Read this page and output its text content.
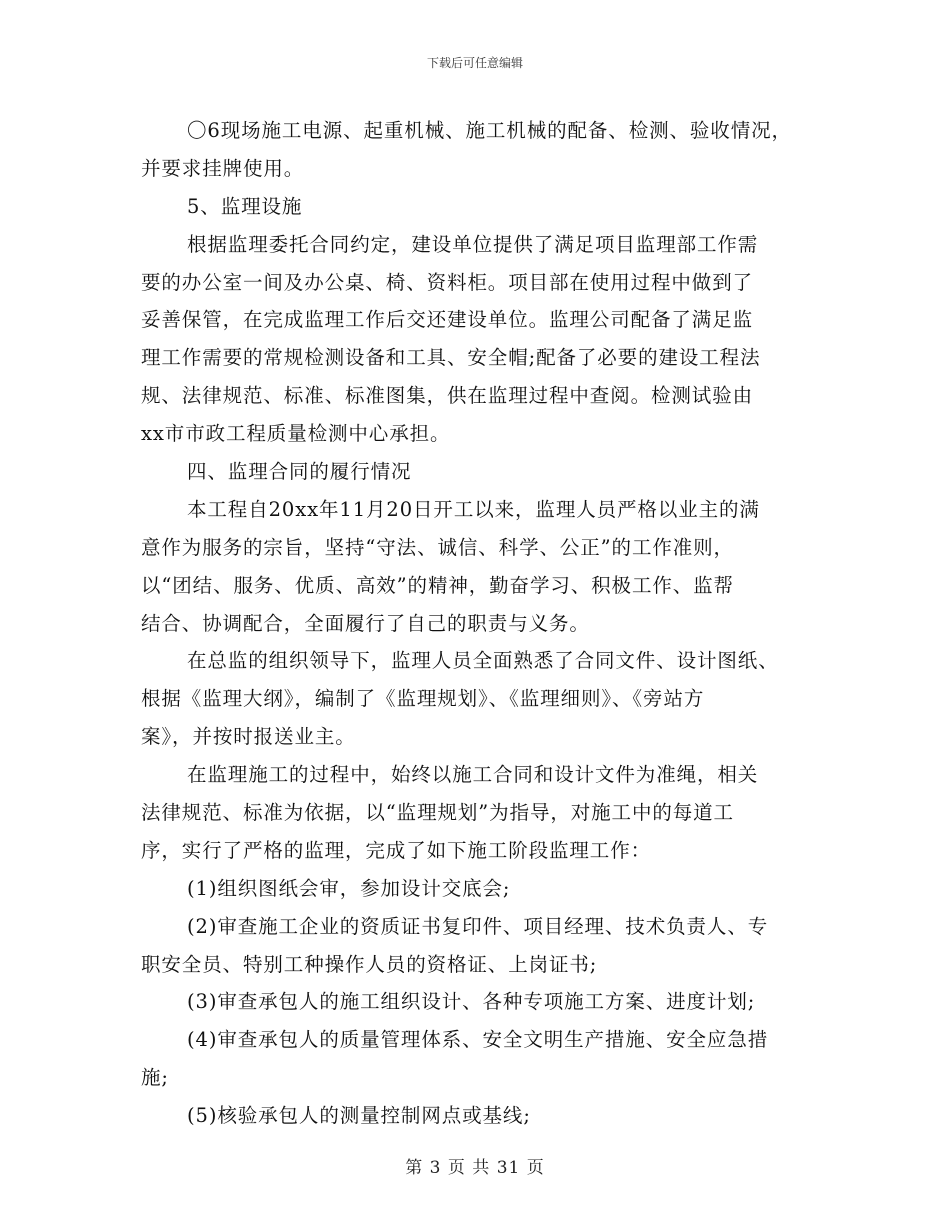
下载后可任意编辑
〇6现场施工电源、起重机械、施工机械的配备、检测、验收情况，
并要求挂牌使用。
5、监理设施
根据监理委托合同约定，建设单位提供了满足项目监理部工作需
要的办公室一间及办公桌、椅、资料柜。项目部在使用过程中做到了
妥善保管，在完成监理工作后交还建设单位。监理公司配备了满足监
理工作需要的常规检测设备和工具、安全帽;配备了必要的建设工程法
规、法律规范、标准、标准图集，供在监理过程中查阅。检测试验由
xx市市政工程质量检测中心承担。
四、监理合同的履行情况
本工程自20xx年11月20日开工以来，监理人员严格以业主的满
意作为服务的宗旨，坚持“守法、诚信、科学、公正”的工作准则，
以“团结、服务、优质、高效”的精神，勤奋学习、积极工作、监帮
结合、协调配合，全面履行了自己的职责与义务。
在总监的组织领导下，监理人员全面熟悉了合同文件、设计图纸、
根据《监理大纲》，编制了《监理规划》、《监理细则》、《旁站方
案》，并按时报送业主。
在监理施工的过程中，始终以施工合同和设计文件为准绳，相关
法律规范、标准为依据，以“监理规划”为指导，对施工中的每道工
序，实行了严格的监理，完成了如下施工阶段监理工作：
(1)组织图纸会审，参加设计交底会;
(2)审查施工企业的资质证书复印件、项目经理、技术负责人、专
职安全员、特别工种操作人员的资格证、上岗证书;
(3)审查承包人的施工组织设计、各种专项施工方案、进度计划;
(4)审查承包人的质量管理体系、安全文明生产措施、安全应急措
施;
(5)核验承包人的测量控制网点或基线;
第 3 页 共 31 页
